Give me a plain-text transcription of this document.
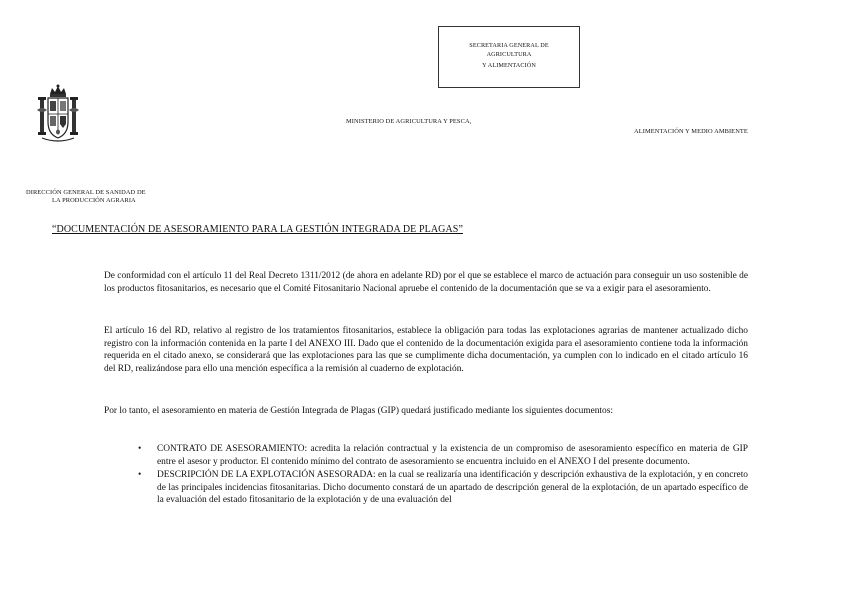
SECRETARIA GENERAL DE
AGRICULTURA
Y ALIMENTACIÓN
MINISTERIO DE AGRICULTURA Y PESCA,
ALIMENTACIÓN Y MEDIO AMBIENTE
DIRECCIÓN GENERAL DE SANIDAD DE
LA PRODUCCIÓN AGRARIA
“DOCUMENTACIÓN DE ASESORAMIENTO PARA LA GESTIÓN INTEGRADA DE PLAGAS”
De conformidad con el artículo 11 del Real Decreto 1311/2012 (de ahora en adelante RD) por el que se establece el marco de actuación para conseguir un uso sostenible de los productos fitosanitarios, es necesario que el Comité Fitosanitario Nacional apruebe el contenido de la documentación que se va a exigir para el asesoramiento.
El artículo 16 del RD, relativo al registro de los tratamientos fitosanitarios, establece la obligación para todas las explotaciones agrarias de mantener actualizado dicho registro con la información contenida en la parte I del ANEXO III. Dado que el contenido de la documentación exigida para el asesoramiento contiene toda la información requerida en el citado anexo, se considerará que las explotaciones para las que se cumplimente dicha documentación, ya cumplen con lo indicado en el citado artículo 16 del RD, realizándose para ello una mención específica a la remisión al cuaderno de explotación.
Por lo tanto, el asesoramiento en materia de Gestión Integrada de Plagas (GIP) quedará justificado mediante los siguientes documentos:
• CONTRATO DE ASESORAMIENTO: acredita la relación contractual y la existencia de un compromiso de asesoramiento específico en materia de GIP entre el asesor y productor. El contenido mínimo del contrato de asesoramiento se encuentra incluido en el ANEXO I del presente documento.
• DESCRIPCIÓN DE LA EXPLOTACIÓN ASESORADA: en la cual se realizaría una identificación y descripción exhaustiva de la explotación, y en concreto de las principales incidencias fitosanitarias. Dicho documento constará de un apartado de descripción general de la explotación, de un apartado específico de la evaluación del estado fitosanitario de la explotación y de una evaluación del
